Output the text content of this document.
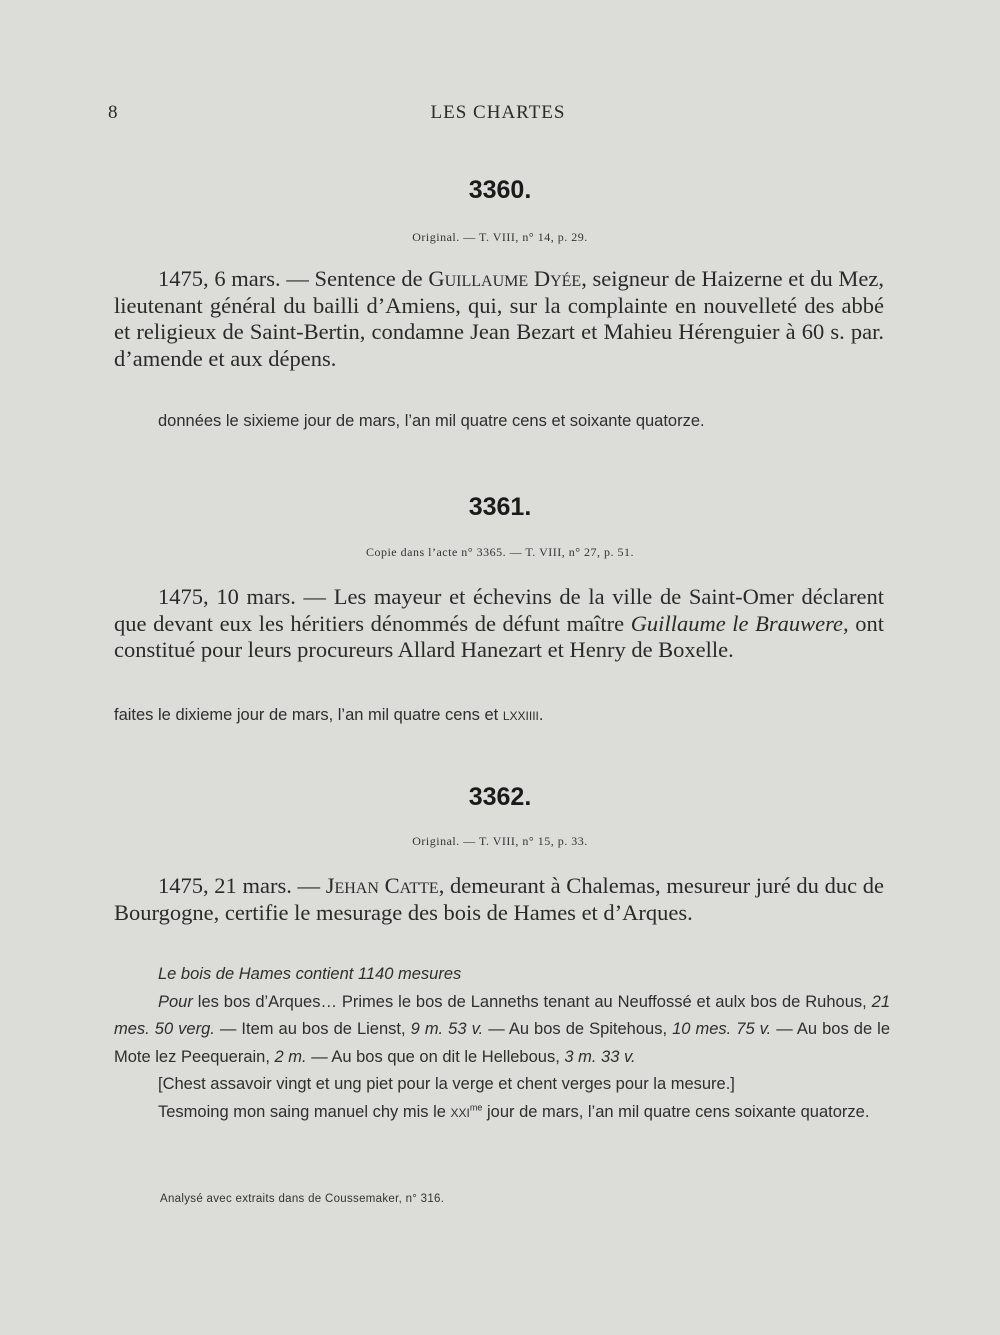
8	LES CHARTES
3360.
Original. — T. VIII, n° 14, p. 29.
1475, 6 mars. — Sentence de Guillaume Dyée, seigneur de Haizerne et du Mez, lieutenant général du bailli d’Amiens, qui, sur la complainte en nouvelleté des abbé et religieux de Saint-Bertin, condamne Jean Bezart et Mahieu Hérenguier à 60 s. par. d’amende et aux dépens.

données le sixieme jour de mars, l’an mil quatre cens et soixante quatorze.

3361.
Copie dans l’acte n° 3365. — T. VIII, n° 27, p. 51.
1475, 10 mars. — Les mayeur et échevins de la ville de Saint-Omer déclarent que devant eux les héritiers dénommés de défunt maître Guillaume le Brauwere, ont constitué pour leurs procureurs Allard Hanezart et Henry de Boxelle.

faites le dixieme jour de mars, l’an mil quatre cens et lxxiiii.

3362.
Original. — T. VIII, n° 15, p. 33.
1475, 21 mars. — Jehan Catte, demeurant à Chalemas, mesureur juré du duc de Bourgogne, certifie le mesurage des bois de Hames et d’Arques.

Le bois de Hames contient 1140 mesures

Pour les bos d’Arques… Primes le bos de Lanneths tenant au Neuffossé et aulx bos de Ruhous, 21 mes. 50 verg. — Item au bos de Lienst, 9 m. 53 v. — Au bos de Spitehous, 10 mes. 75 v. — Au bos de le Mote lez Peequerain, 2 m. — Au bos que on dit le Hellebous, 3 m. 33 v.

[Chest assavoir vingt et ung piet pour la verge et chent verges pour la mesure.]

Tesmoing mon saing manuel chy mis le xxi$^{me}$ jour de mars, l’an mil quatre cens soixante quatorze.

Analysé avec extraits dans de Coussemaker, n° 316.
